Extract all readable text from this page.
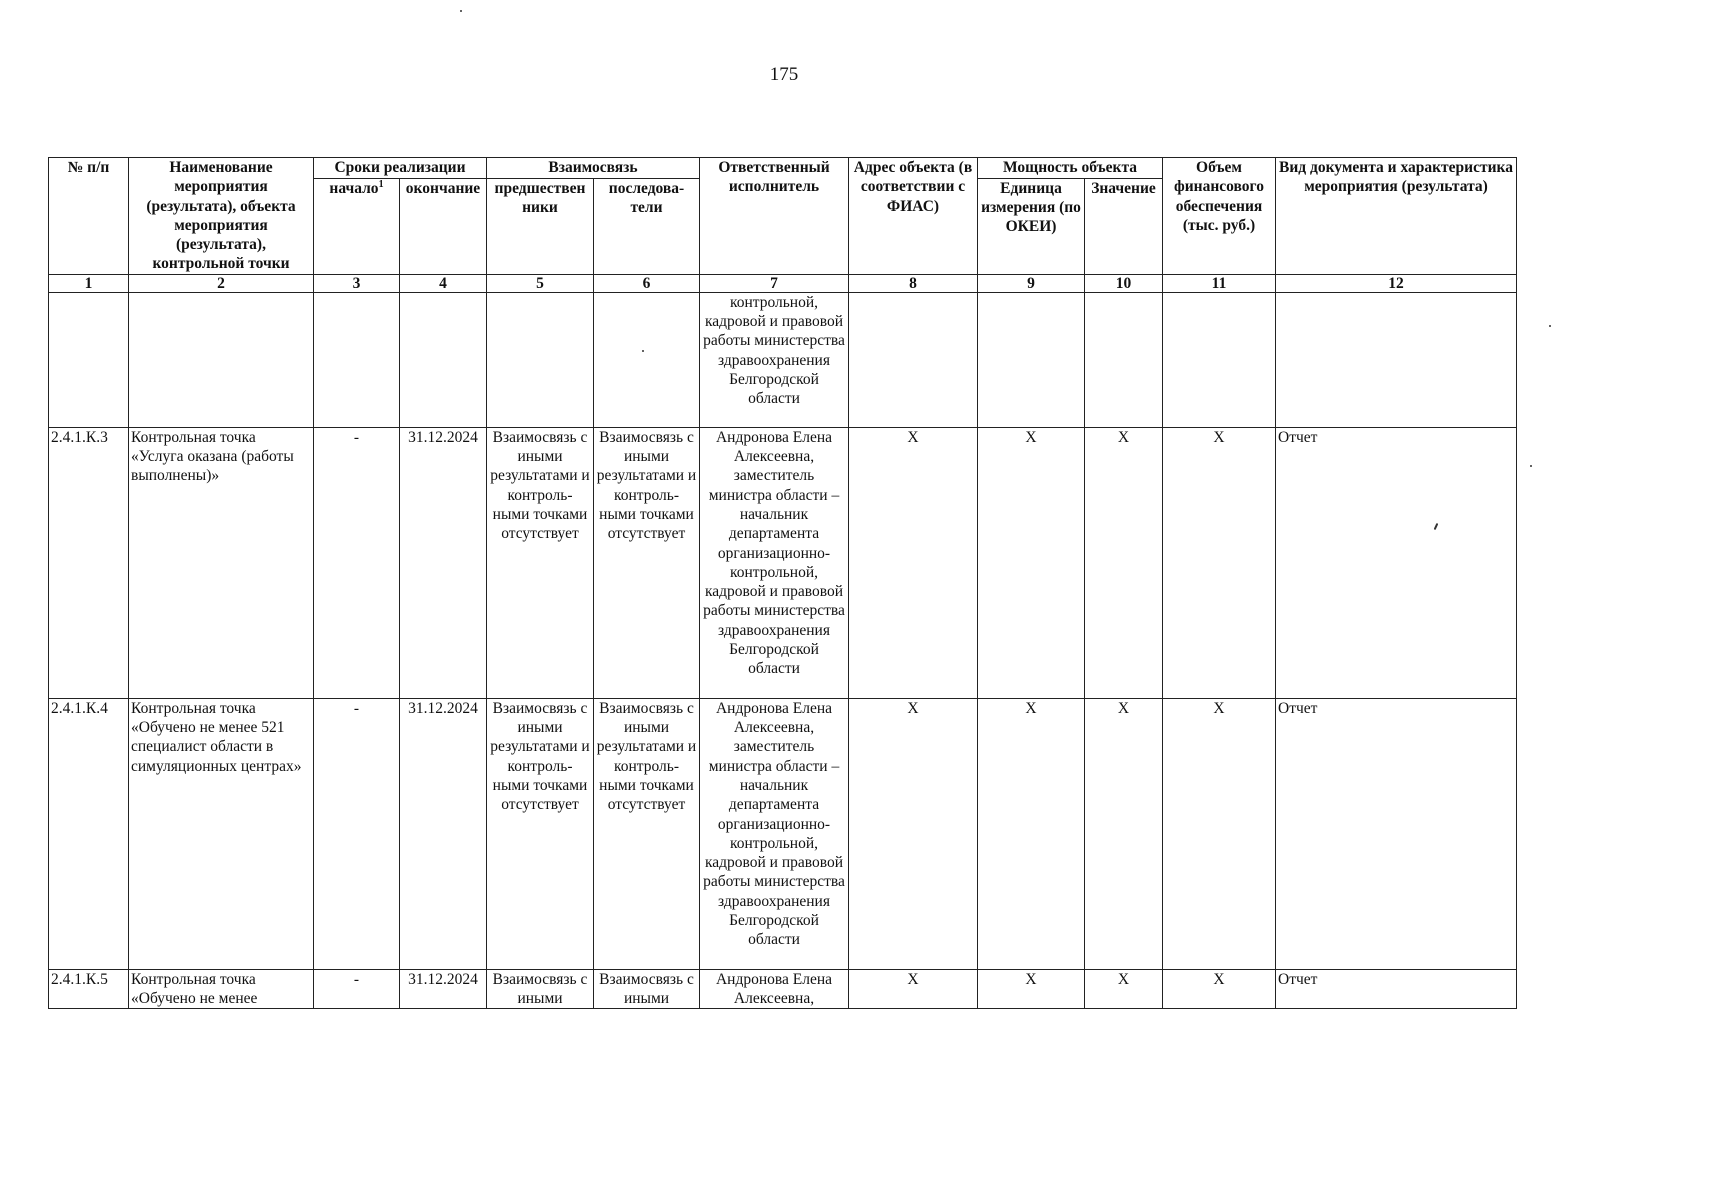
175
№ п/п	Наименование мероприятия (результата), объекта мероприятия (результата), контрольной точки	Сроки реализации		Взаимосвязь		Ответственный исполнитель	Адрес объекта (в соответствии с ФИАС)	Мощность объекта		Объем финансового обеспечения (тыс. руб.)	Вид документа и характеристика мероприятия (результата)
		начало$^1$	окончание	предшествен ники	последова- тели			Единица измерения (по ОКЕИ)	Значение		
1	2	3	4	5	6	7	8	9	10	11	12
						контрольной, кадровой и правовой работы министерства здравоохранения Белгородской области					
2.4.1.К.3	Контрольная точка «Услуга оказана (работы выполнены)»	-	31.12.2024	Взаимосвязь с иными результатами и контроль- ными точками отсутствует	Взаимосвязь с иными результатами и контроль- ными точками отсутствует	Андронова Елена Алексеевна, заместитель министра области – начальник департамента организационно- контрольной, кадровой и правовой работы министерства здравоохранения Белгородской области	Х	Х	Х	Х	Отчет
2.4.1.К.4	Контрольная точка «Обучено не менее 521 специалист области в симуляционных центрах»	-	31.12.2024	Взаимосвязь с иными результатами и контроль- ными точками отсутствует	Взаимосвязь с иными результатами и контроль- ными точками отсутствует	Андронова Елена Алексеевна, заместитель министра области – начальник департамента организационно- контрольной, кадровой и правовой работы министерства здравоохранения Белгородской области	Х	Х	Х	Х	Отчет
2.4.1.К.5	Контрольная точка «Обучено не менее	-	31.12.2024	Взаимосвязь с иными	Взаимосвязь с иными	Андронова Елена Алексеевна,	Х	Х	Х	Х	Отчет
